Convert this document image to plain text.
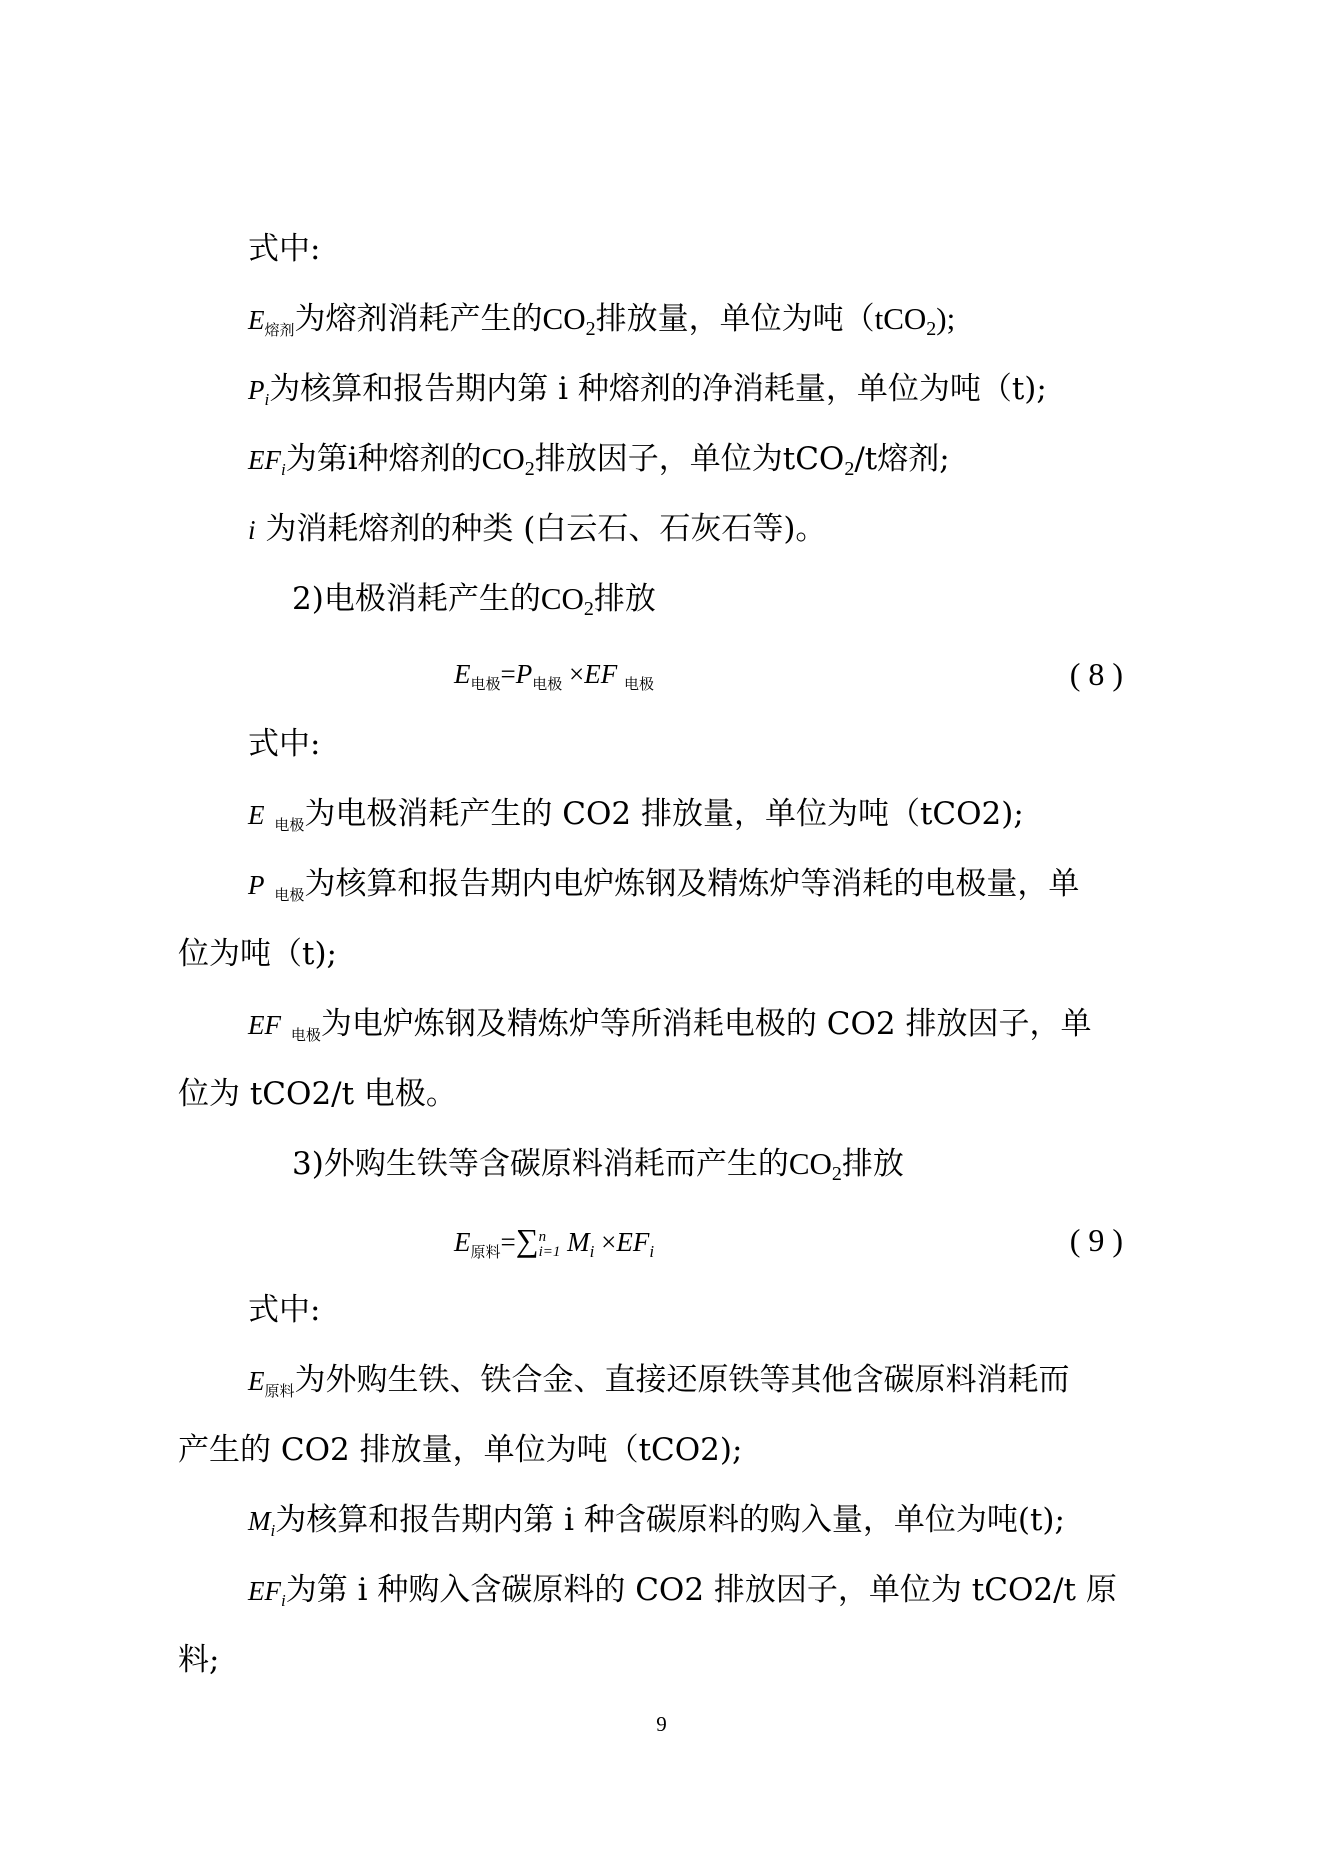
式中:
$E_{熔剂}$为熔剂消耗产生的CO2排放量，单位为吨（tCO2);
Pi为核算和报告期内第 i 种熔剂的净消耗量，单位为吨（t);
EFi为第i种熔剂的CO2排放因子，单位为tCO2/t熔剂;
i 为消耗熔剂的种类 (白云石、石灰石等)。
2)电极消耗产生的CO2排放
$E_{电极}=P_{电极} \times EF$ $_{电极}$	( 8 )
式中:
E $_{电极}$为电极消耗产生的 CO2 排放量，单位为吨（tCO2);
P $_{电极}$为核算和报告期内电炉炼钢及精炼炉等消耗的电极量，单
位为吨（t);
EF $_{电极}$为电炉炼钢及精炼炉等所消耗电极的 CO2 排放因子，单
位为 tCO2/t 电极。
3)外购生铁等含碳原料消耗而产生的CO2排放
$E_{原料}=\sum n$
i=1 $M_i \times EF_i$	( 9 )
式中:
$E_{原料}$为外购生铁、铁合金、直接还原铁等其他含碳原料消耗而
产生的 CO2 排放量，单位为吨（tCO2);
Mi为核算和报告期内第 i 种含碳原料的购入量，单位为吨(t);
EFi为第 i 种购入含碳原料的 CO2 排放因子，单位为 tCO2/t 原
料;
9
